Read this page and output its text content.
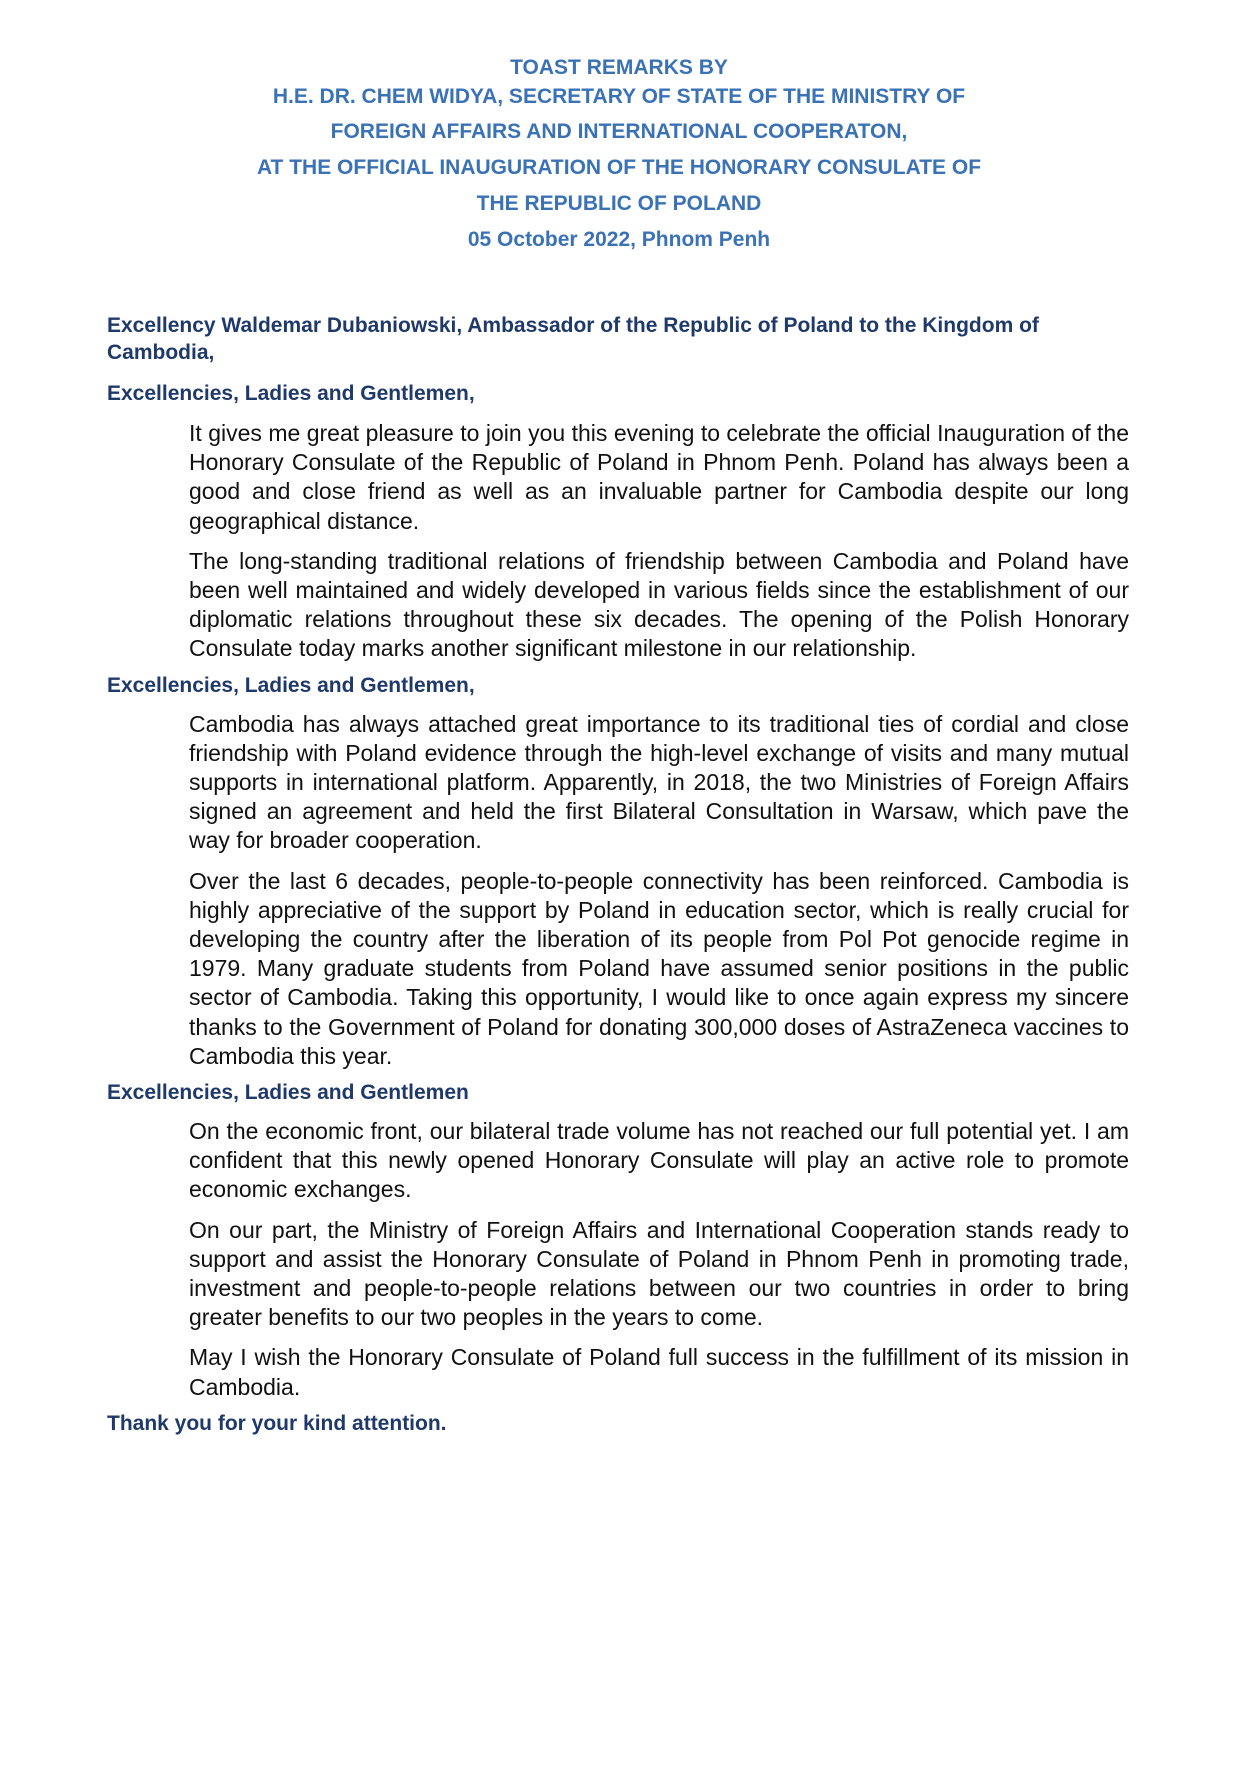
TOAST REMARKS BY
H.E. DR. CHEM WIDYA, SECRETARY OF STATE OF THE MINISTRY OF
FOREIGN AFFAIRS AND INTERNATIONAL COOPERATON,
AT THE OFFICIAL INAUGURATION OF THE HONORARY CONSULATE OF
THE REPUBLIC OF POLAND
05 October 2022, Phnom Penh

Excellency Waldemar Dubaniowski, Ambassador of the Republic of Poland to the Kingdom of Cambodia,

Excellencies, Ladies and Gentlemen,

It gives me great pleasure to join you this evening to celebrate the official Inauguration of the Honorary Consulate of the Republic of Poland in Phnom Penh. Poland has always been a good and close friend as well as an invaluable partner for Cambodia despite our long geographical distance.

The long-standing traditional relations of friendship between Cambodia and Poland have been well maintained and widely developed in various fields since the establishment of our diplomatic relations throughout these six decades. The opening of the Polish Honorary Consulate today marks another significant milestone in our relationship.

Excellencies, Ladies and Gentlemen,

Cambodia has always attached great importance to its traditional ties of cordial and close friendship with Poland evidence through the high-level exchange of visits and many mutual supports in international platform. Apparently, in 2018, the two Ministries of Foreign Affairs signed an agreement and held the first Bilateral Consultation in Warsaw, which pave the way for broader cooperation.

Over the last 6 decades, people-to-people connectivity has been reinforced. Cambodia is highly appreciative of the support by Poland in education sector, which is really crucial for developing the country after the liberation of its people from Pol Pot genocide regime in 1979. Many graduate students from Poland have assumed senior positions in the public sector of Cambodia. Taking this opportunity, I would like to once again express my sincere thanks to the Government of Poland for donating 300,000 doses of AstraZeneca vaccines to Cambodia this year.

Excellencies, Ladies and Gentlemen

On the economic front, our bilateral trade volume has not reached our full potential yet. I am confident that this newly opened Honorary Consulate will play an active role to promote economic exchanges.

On our part, the Ministry of Foreign Affairs and International Cooperation stands ready to support and assist the Honorary Consulate of Poland in Phnom Penh in promoting trade, investment and people-to-people relations between our two countries in order to bring greater benefits to our two peoples in the years to come.

May I wish the Honorary Consulate of Poland full success in the fulfillment of its mission in Cambodia.

Thank you for your kind attention.
